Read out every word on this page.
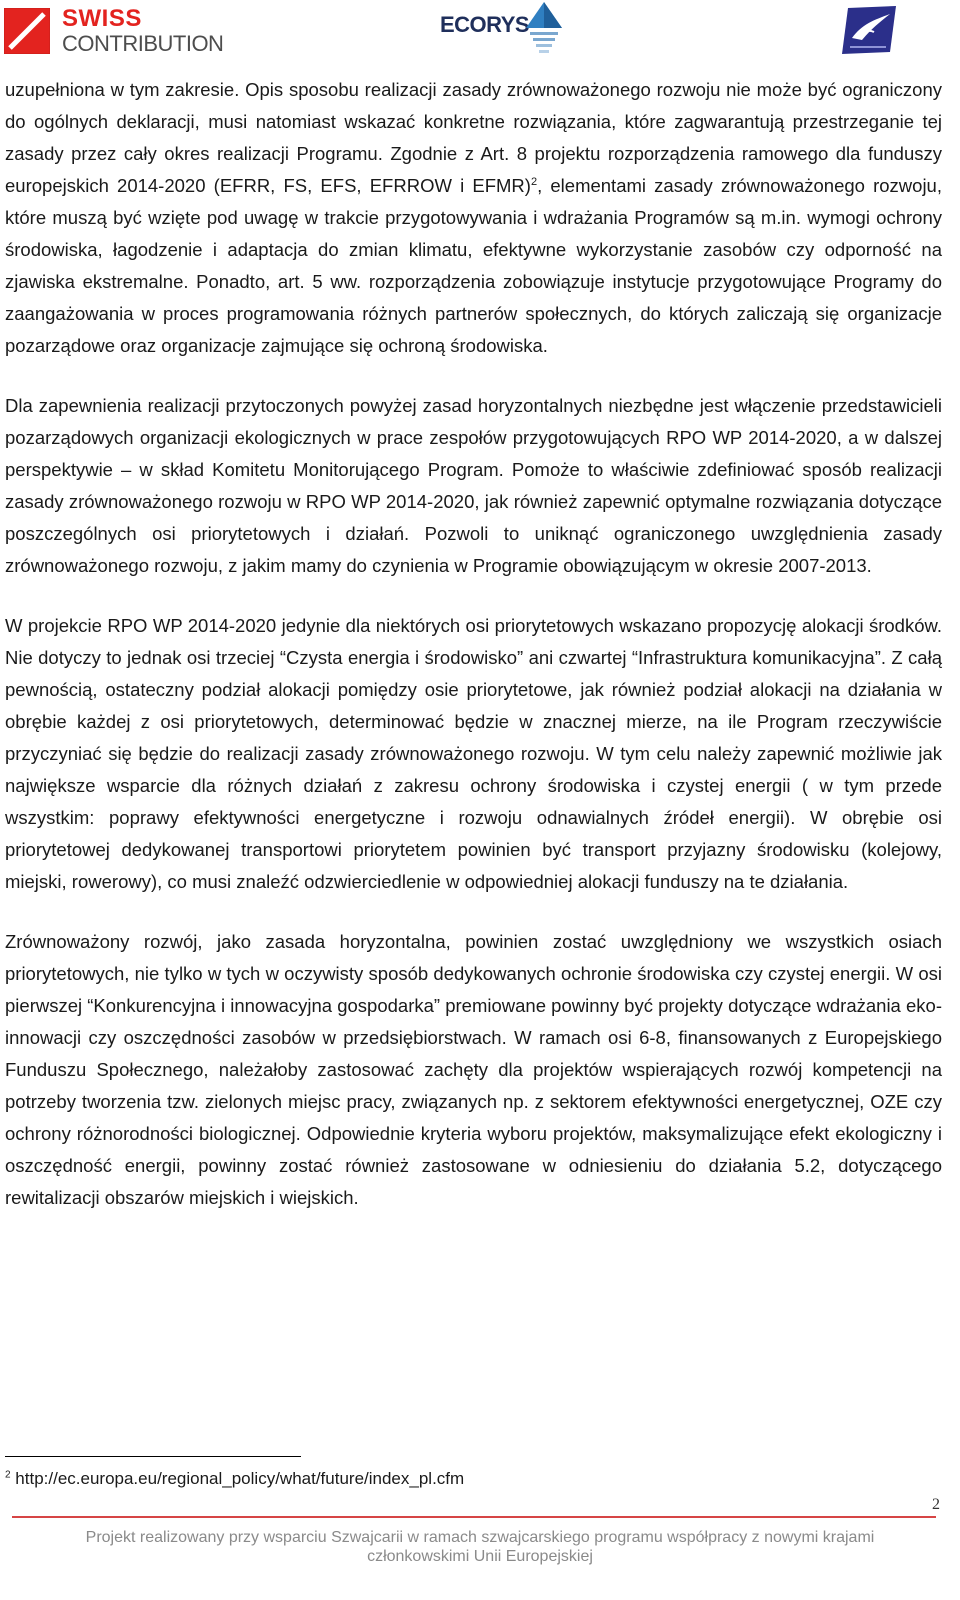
SWISS
CONTRIBUTION
ECORYS

uzupełniona w tym zakresie. Opis sposobu realizacji zasady zrównoważonego rozwoju nie może być ograniczony do ogólnych deklaracji, musi natomiast wskazać konkretne rozwiązania, które zagwarantują przestrzeganie tej zasady przez cały okres realizacji Programu. Zgodnie z Art. 8 projektu rozporządzenia ramowego dla funduszy europejskich 2014-2020 (EFRR, FS, EFS, EFRROW i EFMR)$^2$, elementami zasady zrównoważonego rozwoju, które muszą być wzięte pod uwagę w trakcie przygotowywania i wdrażania Programów są m.in. wymogi ochrony środowiska, łagodzenie i adaptacja do zmian klimatu, efektywne wykorzystanie zasobów czy odporność na zjawiska ekstremalne. Ponadto, art. 5 ww. rozporządzenia zobowiązuje instytucje przygotowujące Programy do zaangażowania w proces programowania różnych partnerów społecznych, do których zaliczają się organizacje pozarządowe oraz organizacje zajmujące się ochroną środowiska.

Dla zapewnienia realizacji przytoczonych powyżej zasad horyzontalnych niezbędne jest włączenie przedstawicieli pozarządowych organizacji ekologicznych w prace zespołów przygotowujących RPO WP 2014-2020, a w dalszej perspektywie – w skład Komitetu Monitorującego Program. Pomoże to właściwie zdefiniować sposób realizacji zasady zrównoważonego rozwoju w RPO WP 2014-2020, jak również zapewnić optymalne rozwiązania dotyczące poszczególnych osi priorytetowych i działań. Pozwoli to uniknąć ograniczonego uwzględnienia zasady zrównoważonego rozwoju, z jakim mamy do czynienia w Programie obowiązującym w okresie 2007-2013.

W projekcie RPO WP 2014-2020 jedynie dla niektórych osi priorytetowych wskazano propozycję alokacji środków. Nie dotyczy to jednak osi trzeciej “Czysta energia i środowisko” ani czwartej “Infrastruktura komunikacyjna”. Z całą pewnością, ostateczny podział alokacji pomiędzy osie priorytetowe, jak również podział alokacji na działania w obrębie każdej z osi priorytetowych, determinować będzie w znacznej mierze, na ile Program rzeczywiście przyczyniać się będzie do realizacji zasady zrównoważonego rozwoju. W tym celu należy zapewnić możliwie jak największe wsparcie dla różnych działań z zakresu ochrony środowiska i czystej energii ( w tym przede wszystkim: poprawy efektywności energetyczne i rozwoju odnawialnych źródeł energii). W obrębie osi priorytetowej dedykowanej transportowi priorytetem powinien być transport przyjazny środowisku (kolejowy, miejski, rowerowy), co musi znaleźć odzwierciedlenie w odpowiedniej alokacji funduszy na te działania.

Zrównoważony rozwój, jako zasada horyzontalna, powinien zostać uwzględniony we wszystkich osiach priorytetowych, nie tylko w tych w oczywisty sposób dedykowanych ochronie środowiska czy czystej energii. W osi pierwszej “Konkurencyjna i innowacyjna gospodarka” premiowane powinny być projekty dotyczące wdrażania eko-innowacji czy oszczędności zasobów w przedsiębiorstwach. W ramach osi 6-8, finansowanych z Europejskiego Funduszu Społecznego, należałoby zastosować zachęty dla projektów wspierających rozwój kompetencji na potrzeby tworzenia tzw. zielonych miejsc pracy, związanych np. z sektorem efektywności energetycznej, OZE czy ochrony różnorodności biologicznej. Odpowiednie kryteria wyboru projektów, maksymalizujące efekt ekologiczny i oszczędność energii, powinny zostać również zastosowane w odniesieniu do działania 5.2, dotyczącego rewitalizacji obszarów miejskich i wiejskich.

$^2$ http://ec.europa.eu/regional_policy/what/future/index_pl.cfm
2
Projekt realizowany przy wsparciu Szwajcarii w ramach szwajcarskiego programu współpracy z nowymi krajami
członkowskimi Unii Europejskiej
